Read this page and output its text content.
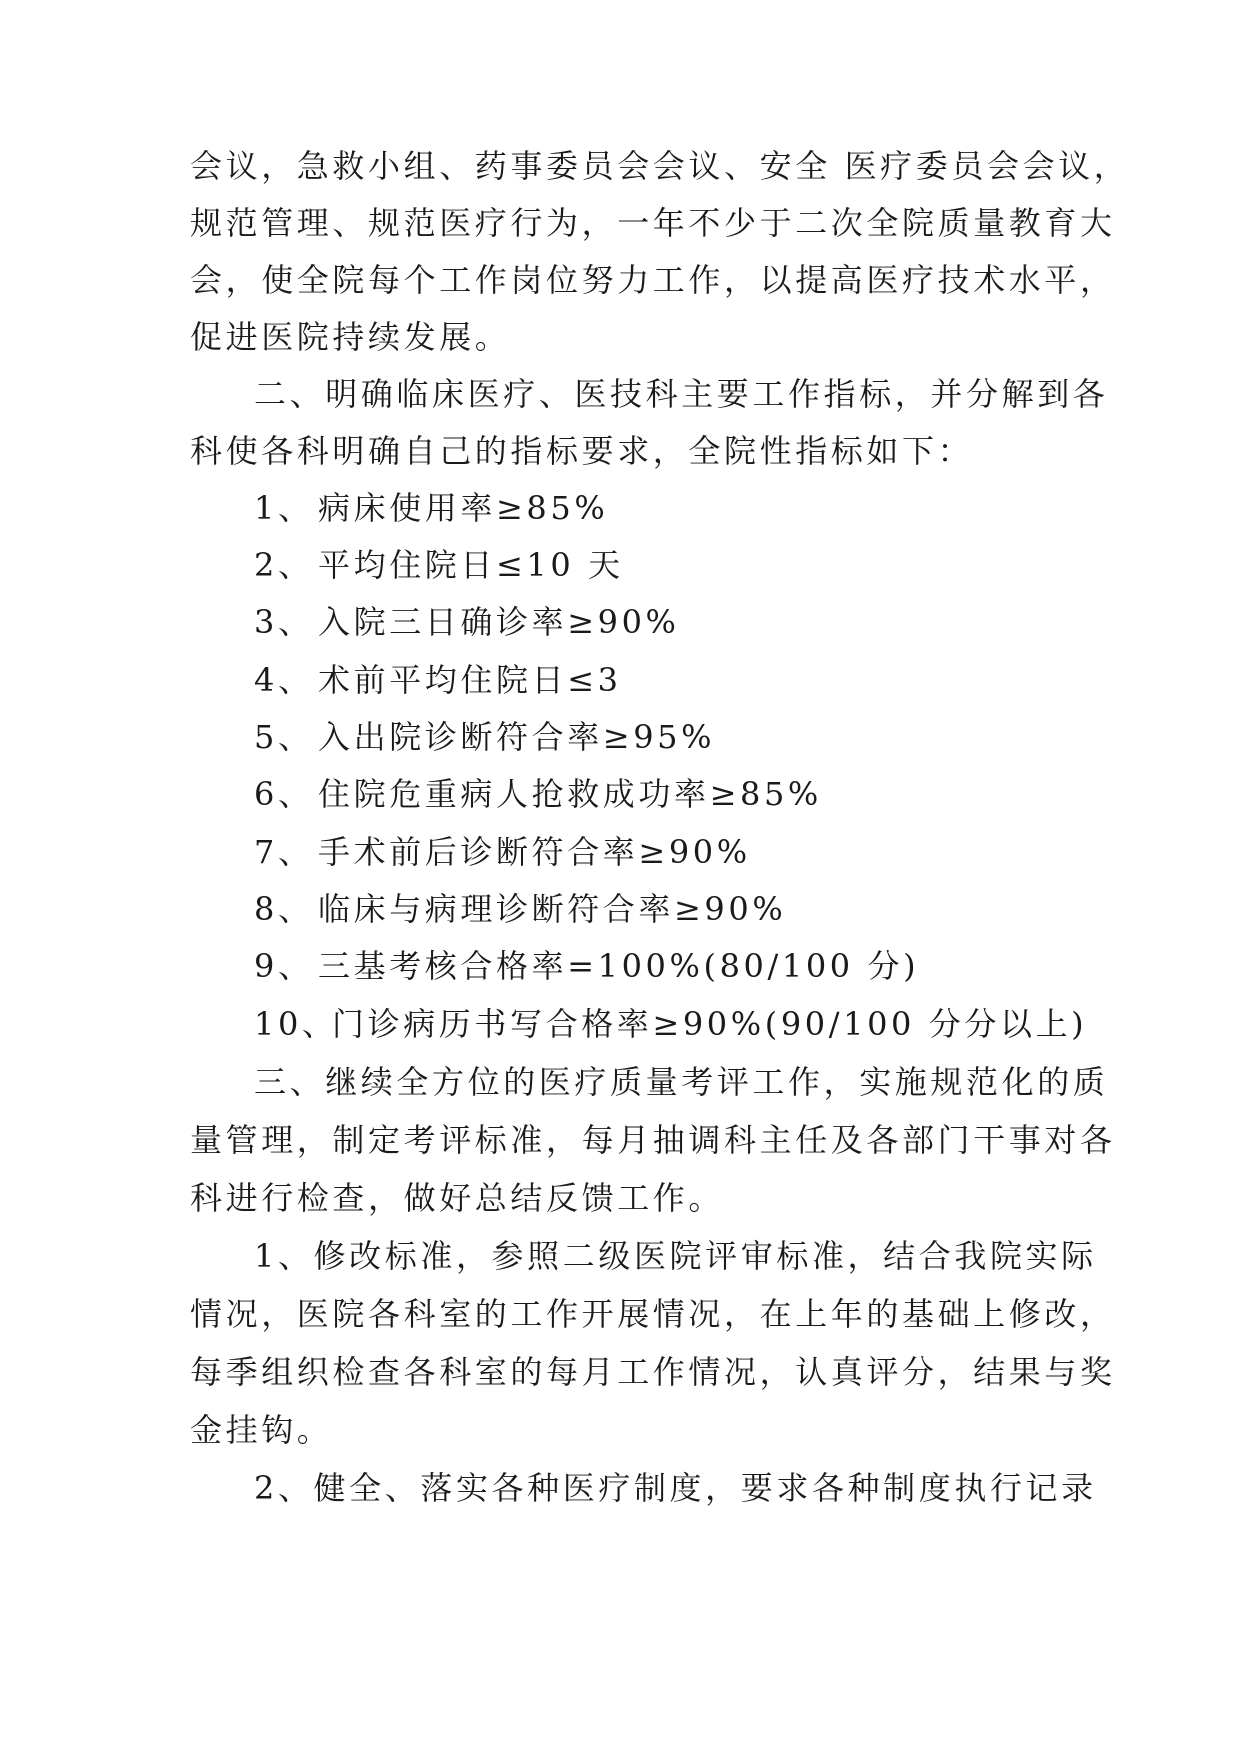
会议，急救小组、药事委员会会议、安全 医疗委员会会议，
规范管理、规范医疗行为，一年不少于二次全院质量教育大
会，使全院每个工作岗位努力工作，以提高医疗技术水平，
促进医院持续发展。
二、明确临床医疗、医技科主要工作指标，并分解到各
科使各科明确自己的指标要求，全院性指标如下：
1、 病床使用率≥85%
2、 平均住院日≤10 天
3、 入院三日确诊率≥90%
4、 术前平均住院日≤3
5、 入出院诊断符合率≥95%
6、 住院危重病人抢救成功率≥85%
7、 手术前后诊断符合率≥90%
8、 临床与病理诊断符合率≥90%
9、 三基考核合格率=100%(80/100 分)
10、门诊病历书写合格率≥90%(90/100 分分以上)
三、继续全方位的医疗质量考评工作，实施规范化的质
量管理，制定考评标准，每月抽调科主任及各部门干事对各
科进行检查，做好总结反馈工作。
1、修改标准，参照二级医院评审标准，结合我院实际
情况，医院各科室的工作开展情况，在上年的基础上修改，
每季组织检查各科室的每月工作情况，认真评分，结果与奖
金挂钩。
2、健全、落实各种医疗制度，要求各种制度执行记录
